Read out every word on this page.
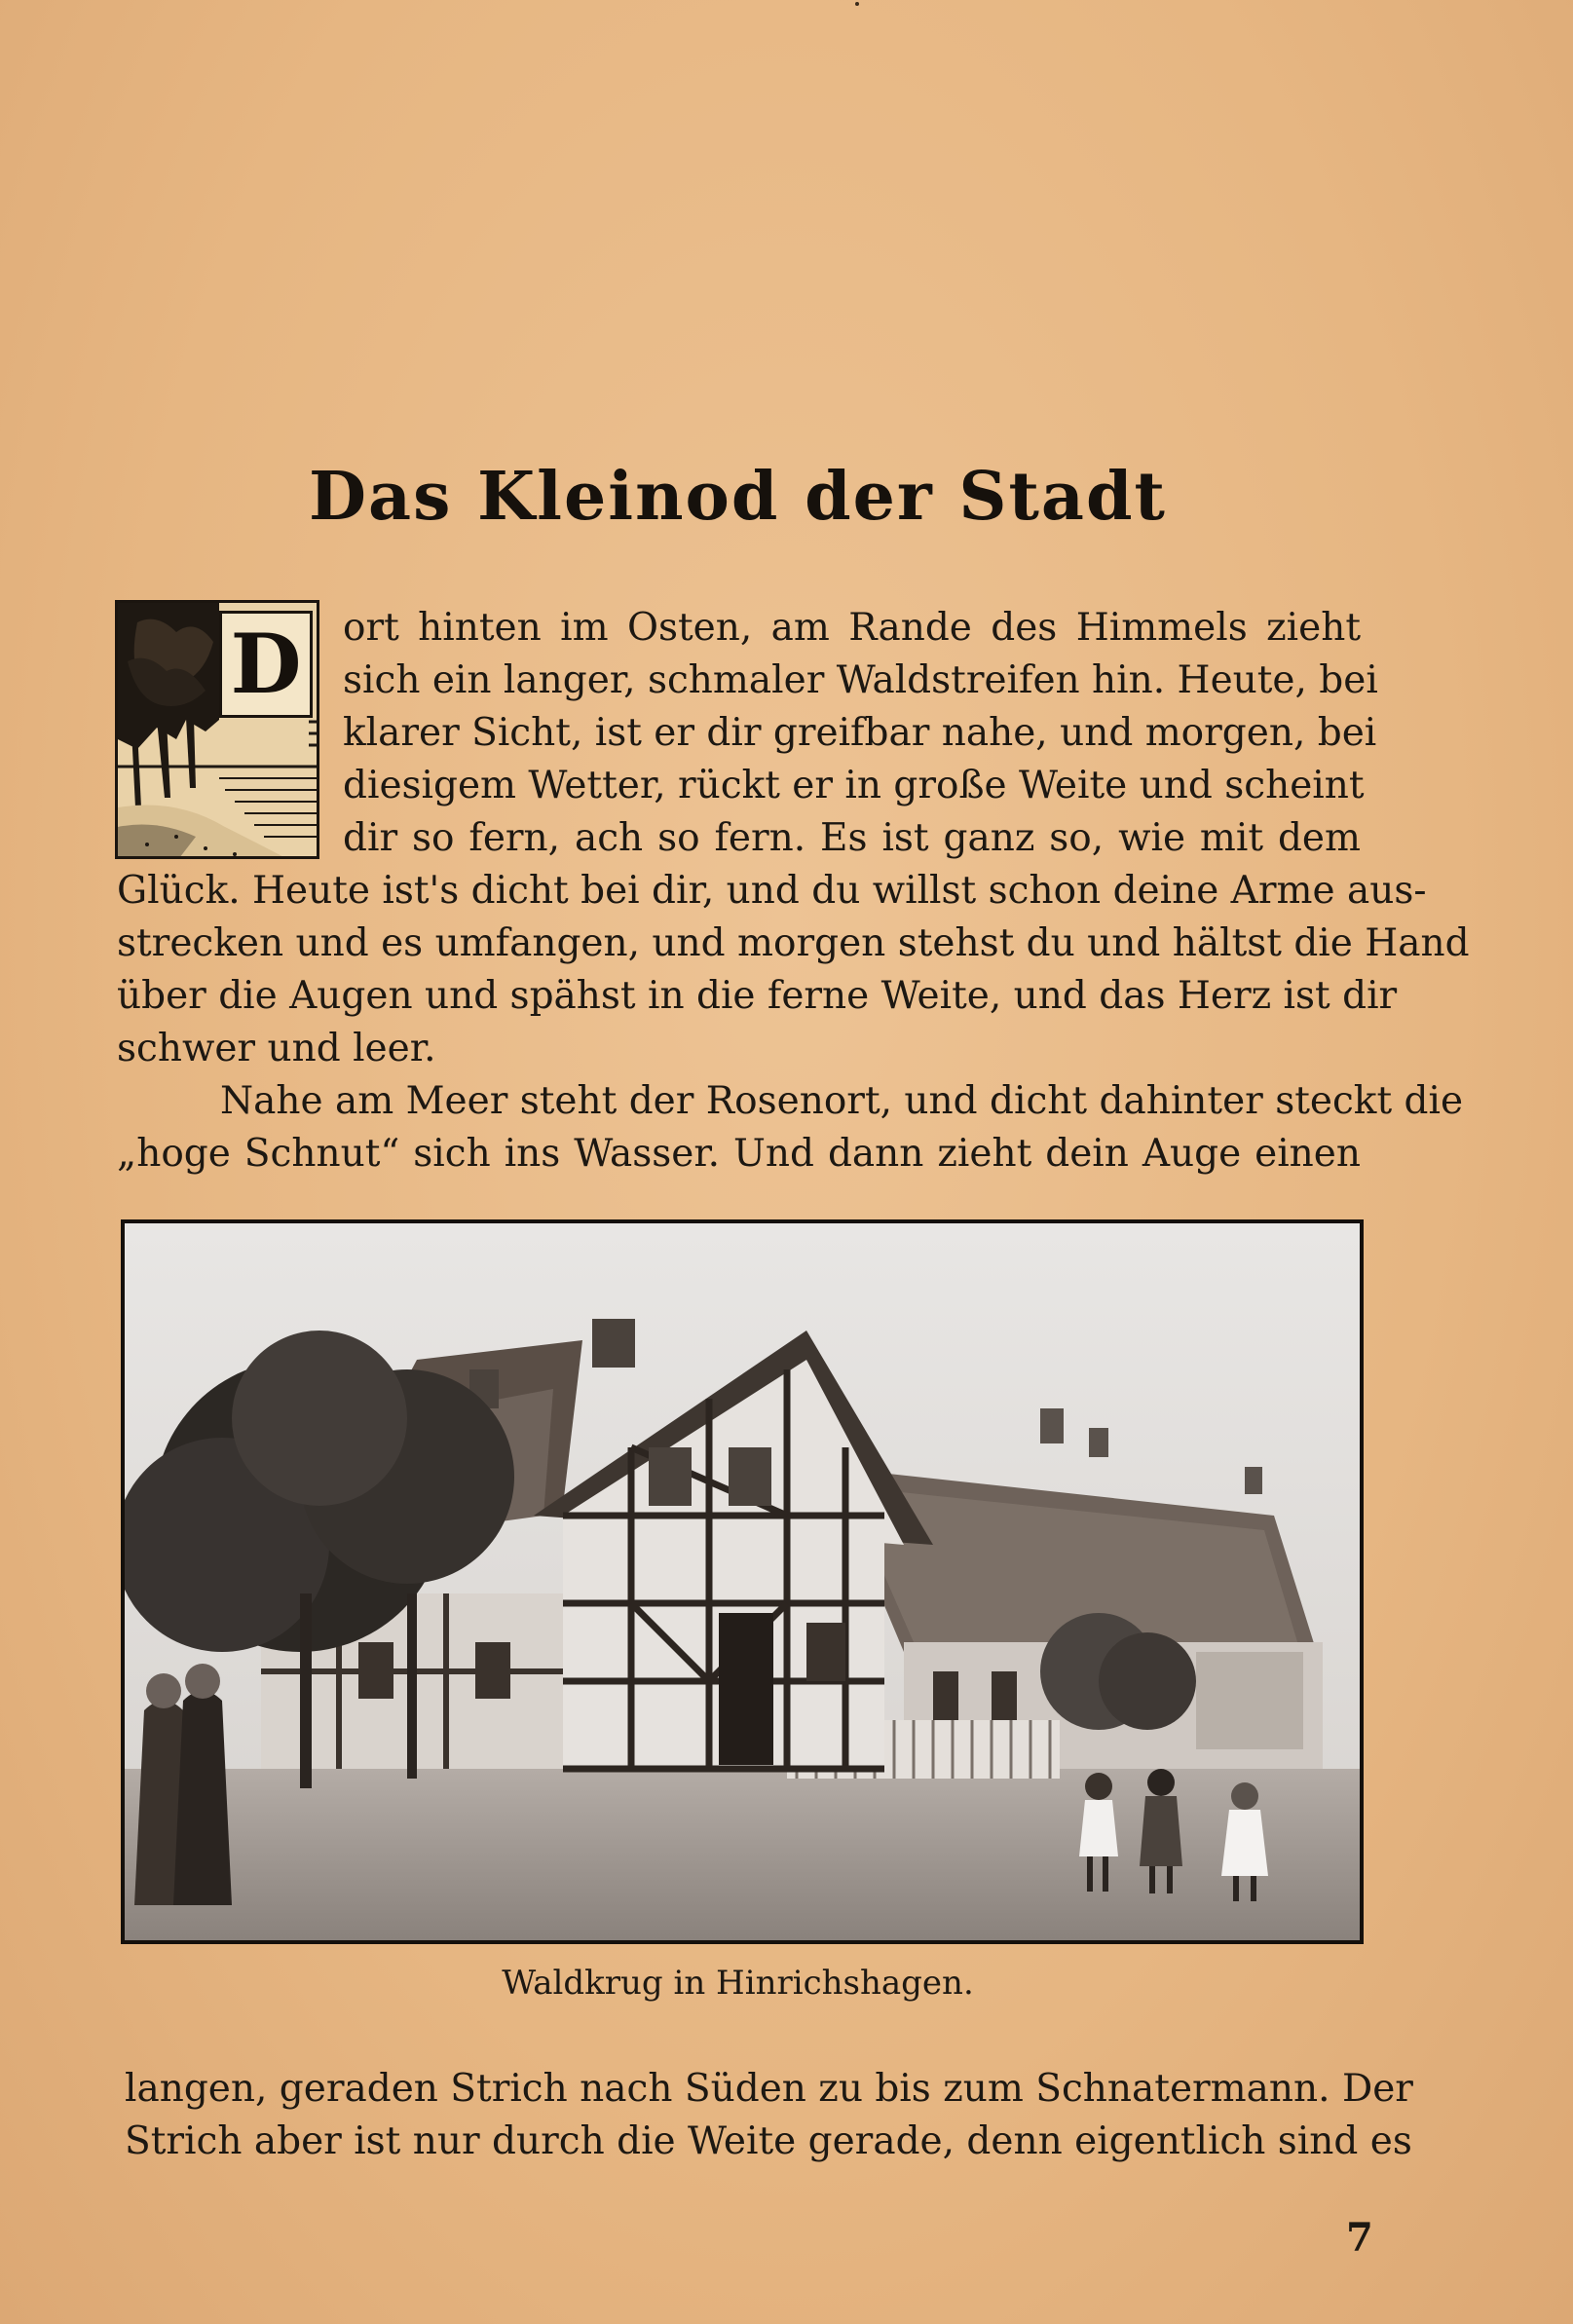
Das Kleinod der Stadt
D ort hinten im Osten, am Rande des Himmels zieht
sich ein langer, schmaler Waldstreifen hin. Heute, bei
klarer Sicht, ist er dir greifbar nahe, und morgen, bei
diesigem Wetter, rückt er in große Weite und scheint
dir so fern, ach so fern. Es ist ganz so, wie mit dem
Glück. Heute ist's dicht bei dir, und du willst schon deine Arme aus-
strecken und es umfangen, und morgen stehst du und hältst die Hand
über die Augen und spähst in die ferne Weite, und das Herz ist dir
schwer und leer.
Nahe am Meer steht der Rosenort, und dicht dahinter steckt die
„hoge Schnut“ sich ins Wasser. Und dann zieht dein Auge einen
Waldkrug in Hinrichshagen.
langen, geraden Strich nach Süden zu bis zum Schnatermann. Der
Strich aber ist nur durch die Weite gerade, denn eigentlich sind es
7
